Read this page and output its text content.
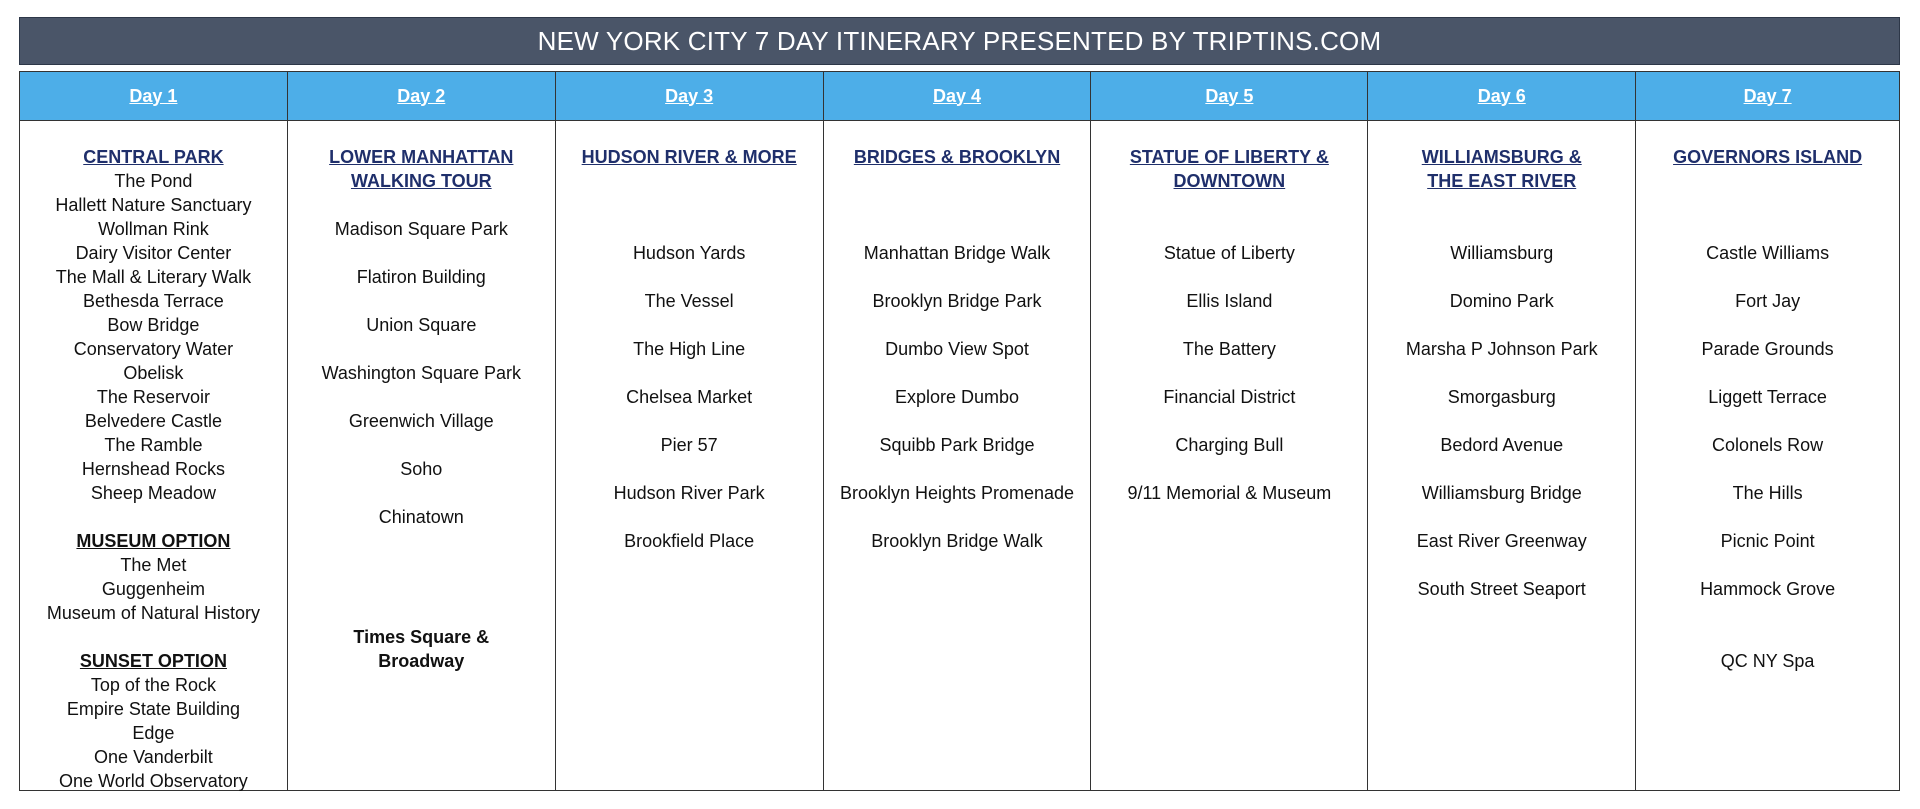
NEW YORK CITY 7 DAY ITINERARY PRESENTED BY TRIPTINS.COM
Day 1
CENTRAL PARK
The Pond
Hallett Nature Sanctuary
Wollman Rink
Dairy Visitor Center
The Mall & Literary Walk
Bethesda Terrace
Bow Bridge
Conservatory Water
Obelisk
The Reservoir
Belvedere Castle
The Ramble
Hernshead Rocks
Sheep Meadow
MUSEUM OPTION
The Met
Guggenheim
Museum of Natural History
SUNSET OPTION
Top of the Rock
Empire State Building
Edge
One Vanderbilt
One World Observatory
Day 2
LOWER MANHATTAN
WALKING TOUR
Madison Square Park
Flatiron Building
Union Square
Washington Square Park
Greenwich Village
Soho
Chinatown
Times Square &
Broadway
Day 3
HUDSON RIVER & MORE
Hudson Yards
The Vessel
The High Line
Chelsea Market
Pier 57
Hudson River Park
Brookfield Place
Day 4
BRIDGES & BROOKLYN
Manhattan Bridge Walk
Brooklyn Bridge Park
Dumbo View Spot
Explore Dumbo
Squibb Park Bridge
Brooklyn Heights Promenade
Brooklyn Bridge Walk
Day 5
STATUE OF LIBERTY &
DOWNTOWN
Statue of Liberty
Ellis Island
The Battery
Financial District
Charging Bull
9/11 Memorial & Museum
Day 6
WILLIAMSBURG &
THE EAST RIVER
Williamsburg
Domino Park
Marsha P Johnson Park
Smorgasburg
Bedord Avenue
Williamsburg Bridge
East River Greenway
South Street Seaport
Day 7
GOVERNORS ISLAND
Castle Williams
Fort Jay
Parade Grounds
Liggett Terrace
Colonels Row
The Hills
Picnic Point
Hammock Grove
QC NY Spa
